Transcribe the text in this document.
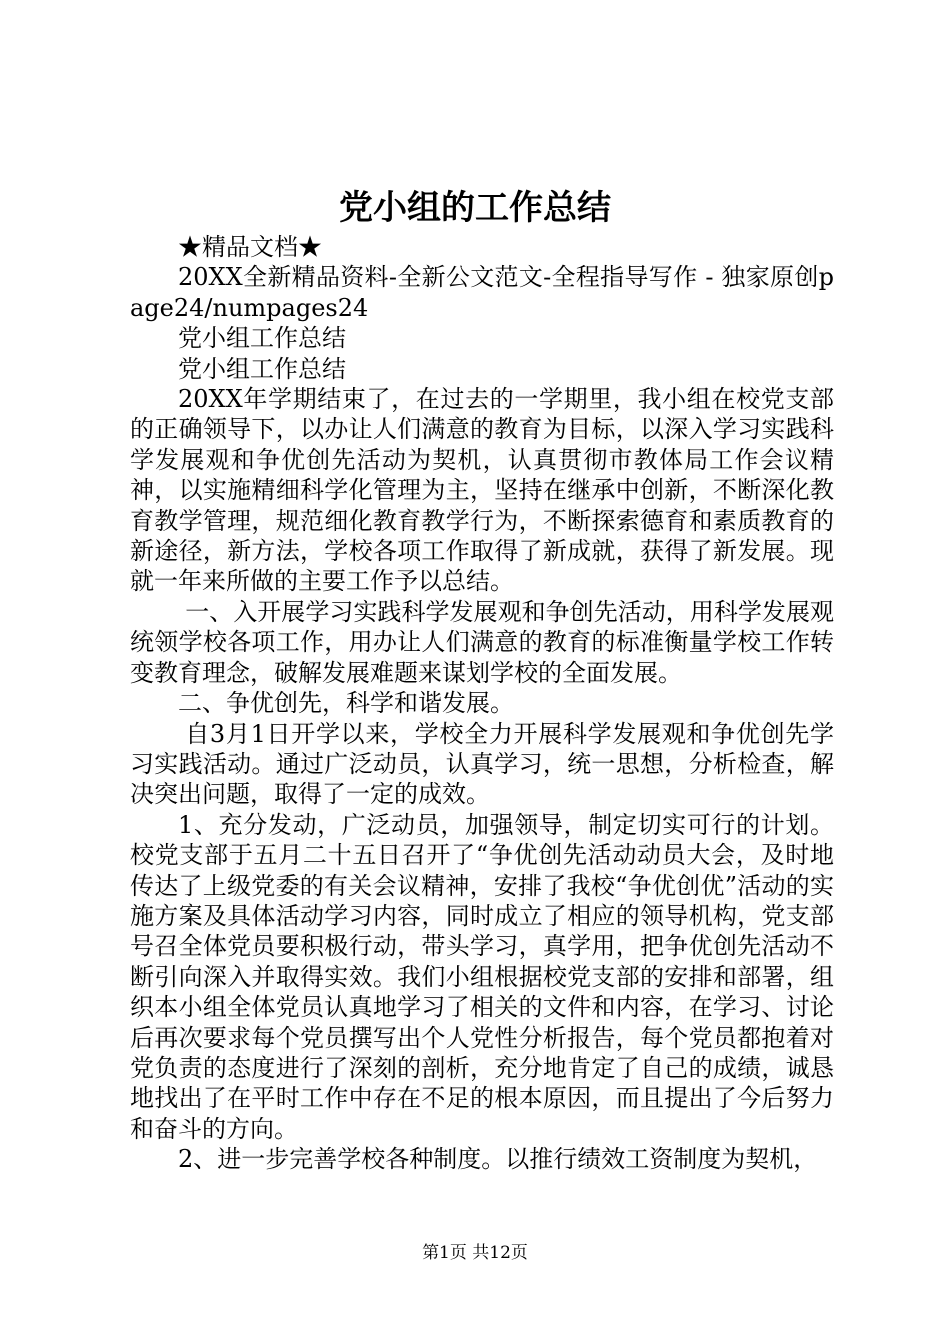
党小组的工作总结

★精品文档★

20XX全新精品资料-全新公文范文-全程指导写作 - 独家原创page24/numpages24

党小组工作总结

党小组工作总结

20XX年学期结束了，在过去的一学期里，我小组在校党支部的正确领导下，以办让人们满意的教育为目标，以深入学习实践科学发展观和争优创先活动为契机，认真贯彻市教体局工作会议精神，以实施精细科学化管理为主，坚持在继承中创新，不断深化教育教学管理，规范细化教育教学行为，不断探索德育和素质教育的新途径，新方法，学校各项工作取得了新成就，获得了新发展。现就一年来所做的主要工作予以总结。

一、入开展学习实践科学发展观和争创先活动，用科学发展观统领学校各项工作，用办让人们满意的教育的标准衡量学校工作转变教育理念，破解发展难题来谋划学校的全面发展。

二、争优创先，科学和谐发展。

自3月1日开学以来，学校全力开展科学发展观和争优创先学习实践活动。通过广泛动员，认真学习，统一思想，分析检查，解决突出问题，取得了一定的成效。

1、充分发动，广泛动员，加强领导，制定切实可行的计划。校党支部于五月二十五日召开了“争优创先活动动员大会，及时地传达了上级党委的有关会议精神，安排了我校“争优创优”活动的实施方案及具体活动学习内容，同时成立了相应的领导机构，党支部号召全体党员要积极行动，带头学习，真学用，把争优创先活动不断引向深入并取得实效。我们小组根据校党支部的安排和部署，组织本小组全体党员认真地学习了相关的文件和内容，在学习、讨论后再次要求每个党员撰写出个人党性分析报告，每个党员都抱着对党负责的态度进行了深刻的剖析，充分地肯定了自己的成绩，诚恳地找出了在平时工作中存在不足的根本原因，而且提出了今后努力和奋斗的方向。

2、进一步完善学校各种制度。以推行绩效工资制度为契机，

第1页 共12页
